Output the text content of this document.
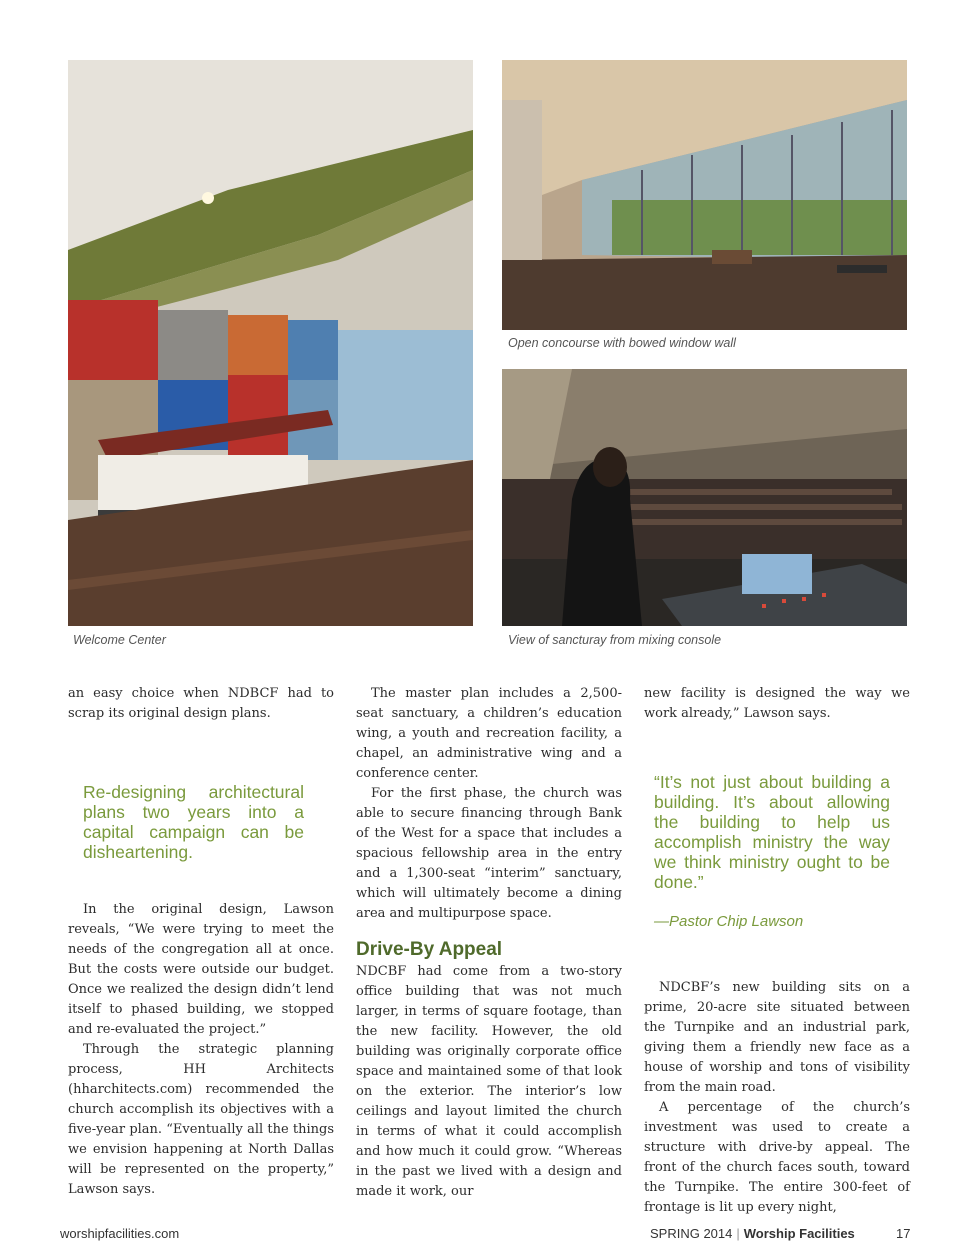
Welcome Center
Open concourse with bowed window wall
View of sancturay from mixing console

an easy choice when NDBCF had to scrap its original design plans.

Re-designing architectural plans two years into a capital campaign can be disheartening.

In the original design, Lawson reveals, “We were trying to meet the needs of the congregation all at once. But the costs were outside our budget. Once we realized the design didn’t lend itself to phased building, we stopped and re-evaluated the project.”

Through the strategic planning process, HH Architects (hharchitects.com) recommended the church accomplish its objectives with a five-year plan. “Eventually all the things we envision happening at North Dallas will be represented on the property,” Lawson says.

The master plan includes a 2,500-seat sanctuary, a children’s education wing, a youth and recreation facility, a chapel, an administrative wing and a conference center.

For the first phase, the church was able to secure financing through Bank of the West for a space that includes a spacious fellowship area in the entry and a 1,300-seat “interim” sanctuary, which will ultimately become a dining area and multipurpose space.

Drive-By Appeal

NDCBF had come from a two-story office building that was not much larger, in terms of square footage, than the new facility. However, the old building was originally corporate office space and maintained some of that look on the exterior. The interior’s low ceilings and layout limited the church in terms of what it could accomplish and how much it could grow. “Whereas in the past we lived with a design and made it work, our

new facility is designed the way we work already,” Lawson says.

“It’s not just about building a building. It’s about allowing the building to help us accomplish ministry the way we think ministry ought to be done.”

—Pastor Chip Lawson

NDCBF’s new building sits on a prime, 20-acre site situated between the Turnpike and an industrial park, giving them a friendly new face as a house of worship and tons of visibility from the main road.

A percentage of the church’s investment was used to create a structure with drive-by appeal. The front of the church faces south, toward the Turnpike. The entire 300-feet of frontage is lit up every night,

worshipfacilities.com	SPRING 2014 | Worship Facilities	17
